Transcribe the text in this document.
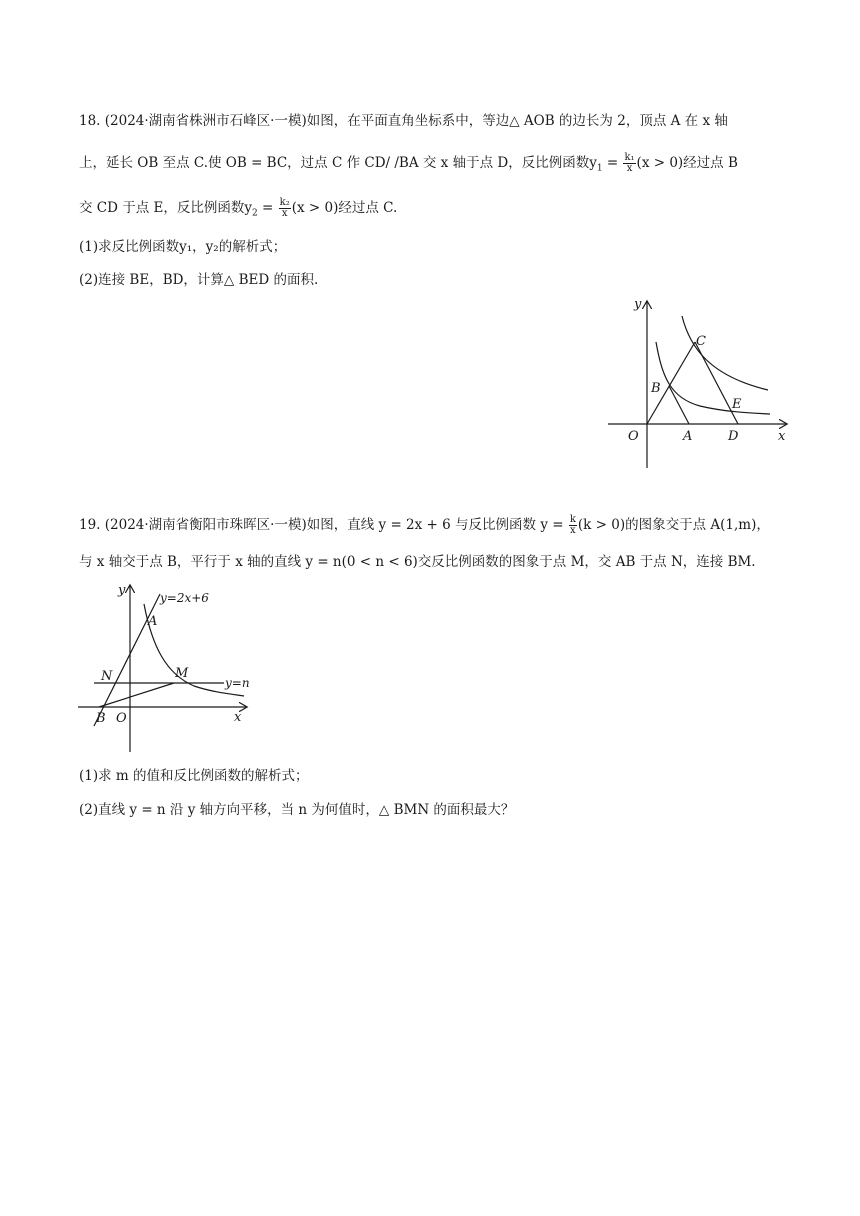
18. (2024·湖南省株洲市石峰区·一模)如图，在平面直角坐标系中，等边△ AOB 的边长为 2，顶点 A 在 x 轴
上，延长 OB 至点 C.使 OB = BC，过点 C 作 CD/ /BA 交 x 轴于点 D，反比例函数$y_1 = \frac{\text{k₁}}{x} (x > 0)$经过点 B
交 CD 于点 E，反比例函数$y_2 = \frac{\text{k₂}}{x} (x > 0)$经过点 C.
(1)求反比例函数y₁，y₂的解析式；
(2)连接 BE，BD，计算△ BED 的面积.
y
x
O	A
B
C
D
E
19. (2024·湖南省衡阳市珠晖区·一模)如图，直线 y = 2x + 6 与反比例函数 $y = \frac{k}{x} (k > 0)$的图象交于点 A(1,m)，
与 x 轴交于点 B，平行于 x 轴的直线 y = n(0 < n < 6)交反比例函数的图象于点 M，交 AB 于点 N，连接 BM.
y
x
O
A
B
M
N
y=2x+6
y=n
(1)求 m 的值和反比例函数的解析式；
(2)直线 y = n 沿 y 轴方向平移，当 n 为何值时，△ BMN 的面积最大？
